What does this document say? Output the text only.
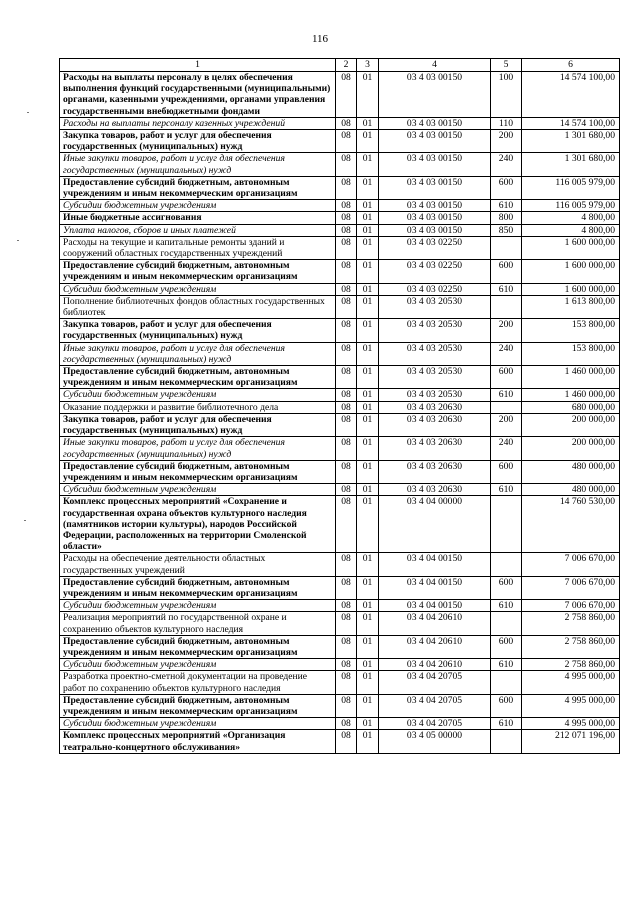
116
1	2	3	4	5	6
Расходы на выплаты персоналу в целях обеспечения выполнения функций государственными (муниципальными) органами, казенными учреждениями, органами управления государственными внебюджетными фондами	08	01	03 4 03 00150	100	14 574 100,00
Расходы на выплаты персоналу казенных учреждений	08	01	03 4 03 00150	110	14 574 100,00
Закупка товаров, работ и услуг для обеспечения государственных (муниципальных) нужд	08	01	03 4 03 00150	200	1 301 680,00
Иные закупки товаров, работ и услуг для обеспечения государственных (муниципальных) нужд	08	01	03 4 03 00150	240	1 301 680,00
Предоставление субсидий бюджетным, автономным учреждениям и иным некоммерческим организациям	08	01	03 4 03 00150	600	116 005 979,00
Субсидии бюджетным учреждениям	08	01	03 4 03 00150	610	116 005 979,00
Иные бюджетные ассигнования	08	01	03 4 03 00150	800	4 800,00
Уплата налогов, сборов и иных платежей	08	01	03 4 03 00150	850	4 800,00
Расходы на текущие и капитальные ремонты зданий и сооружений областных государственных учреждений	08	01	03 4 03 02250		1 600 000,00
Предоставление субсидий бюджетным, автономным учреждениям и иным некоммерческим организациям	08	01	03 4 03 02250	600	1 600 000,00
Субсидии бюджетным учреждениям	08	01	03 4 03 02250	610	1 600 000,00
Пополнение библиотечных фондов областных государственных библиотек	08	01	03 4 03 20530		1 613 800,00
Закупка товаров, работ и услуг для обеспечения государственных (муниципальных) нужд	08	01	03 4 03 20530	200	153 800,00
Иные закупки товаров, работ и услуг для обеспечения государственных (муниципальных) нужд	08	01	03 4 03 20530	240	153 800,00
Предоставление субсидий бюджетным, автономным учреждениям и иным некоммерческим организациям	08	01	03 4 03 20530	600	1 460 000,00
Субсидии бюджетным учреждениям	08	01	03 4 03 20530	610	1 460 000,00
Оказание поддержки и развитие библиотечного дела	08	01	03 4 03 20630		680 000,00
Закупка товаров, работ и услуг для обеспечения государственных (муниципальных) нужд	08	01	03 4 03 20630	200	200 000,00
Иные закупки товаров, работ и услуг для обеспечения государственных (муниципальных) нужд	08	01	03 4 03 20630	240	200 000,00
Предоставление субсидий бюджетным, автономным учреждениям и иным некоммерческим организациям	08	01	03 4 03 20630	600	480 000,00
Субсидии бюджетным учреждениям	08	01	03 4 03 20630	610	480 000,00
Комплекс процессных мероприятий «Сохранение и государственная охрана объектов культурного наследия (памятников истории культуры), народов Российской Федерации, расположенных на территории Смоленской области»	08	01	03 4 04 00000		14 760 530,00
Расходы на обеспечение деятельности областных государственных учреждений	08	01	03 4 04 00150		7 006 670,00
Предоставление субсидий бюджетным, автономным учреждениям и иным некоммерческим организациям	08	01	03 4 04 00150	600	7 006 670,00
Субсидии бюджетным учреждениям	08	01	03 4 04 00150	610	7 006 670,00
Реализация мероприятий по государственной охране и сохранению объектов культурного наследия	08	01	03 4 04 20610		2 758 860,00
Предоставление субсидий бюджетным, автономным учреждениям и иным некоммерческим организациям	08	01	03 4 04 20610	600	2 758 860,00
Субсидии бюджетным учреждениям	08	01	03 4 04 20610	610	2 758 860,00
Разработка проектно-сметной документации на проведение работ по сохранению объектов культурного наследия	08	01	03 4 04 20705		4 995 000,00
Предоставление субсидий бюджетным, автономным учреждениям и иным некоммерческим организациям	08	01	03 4 04 20705	600	4 995 000,00
Субсидии бюджетным учреждениям	08	01	03 4 04 20705	610	4 995 000,00
Комплекс процессных мероприятий «Организация театрально-концертного обслуживания»	08	01	03 4 05 00000		212 071 196,00
